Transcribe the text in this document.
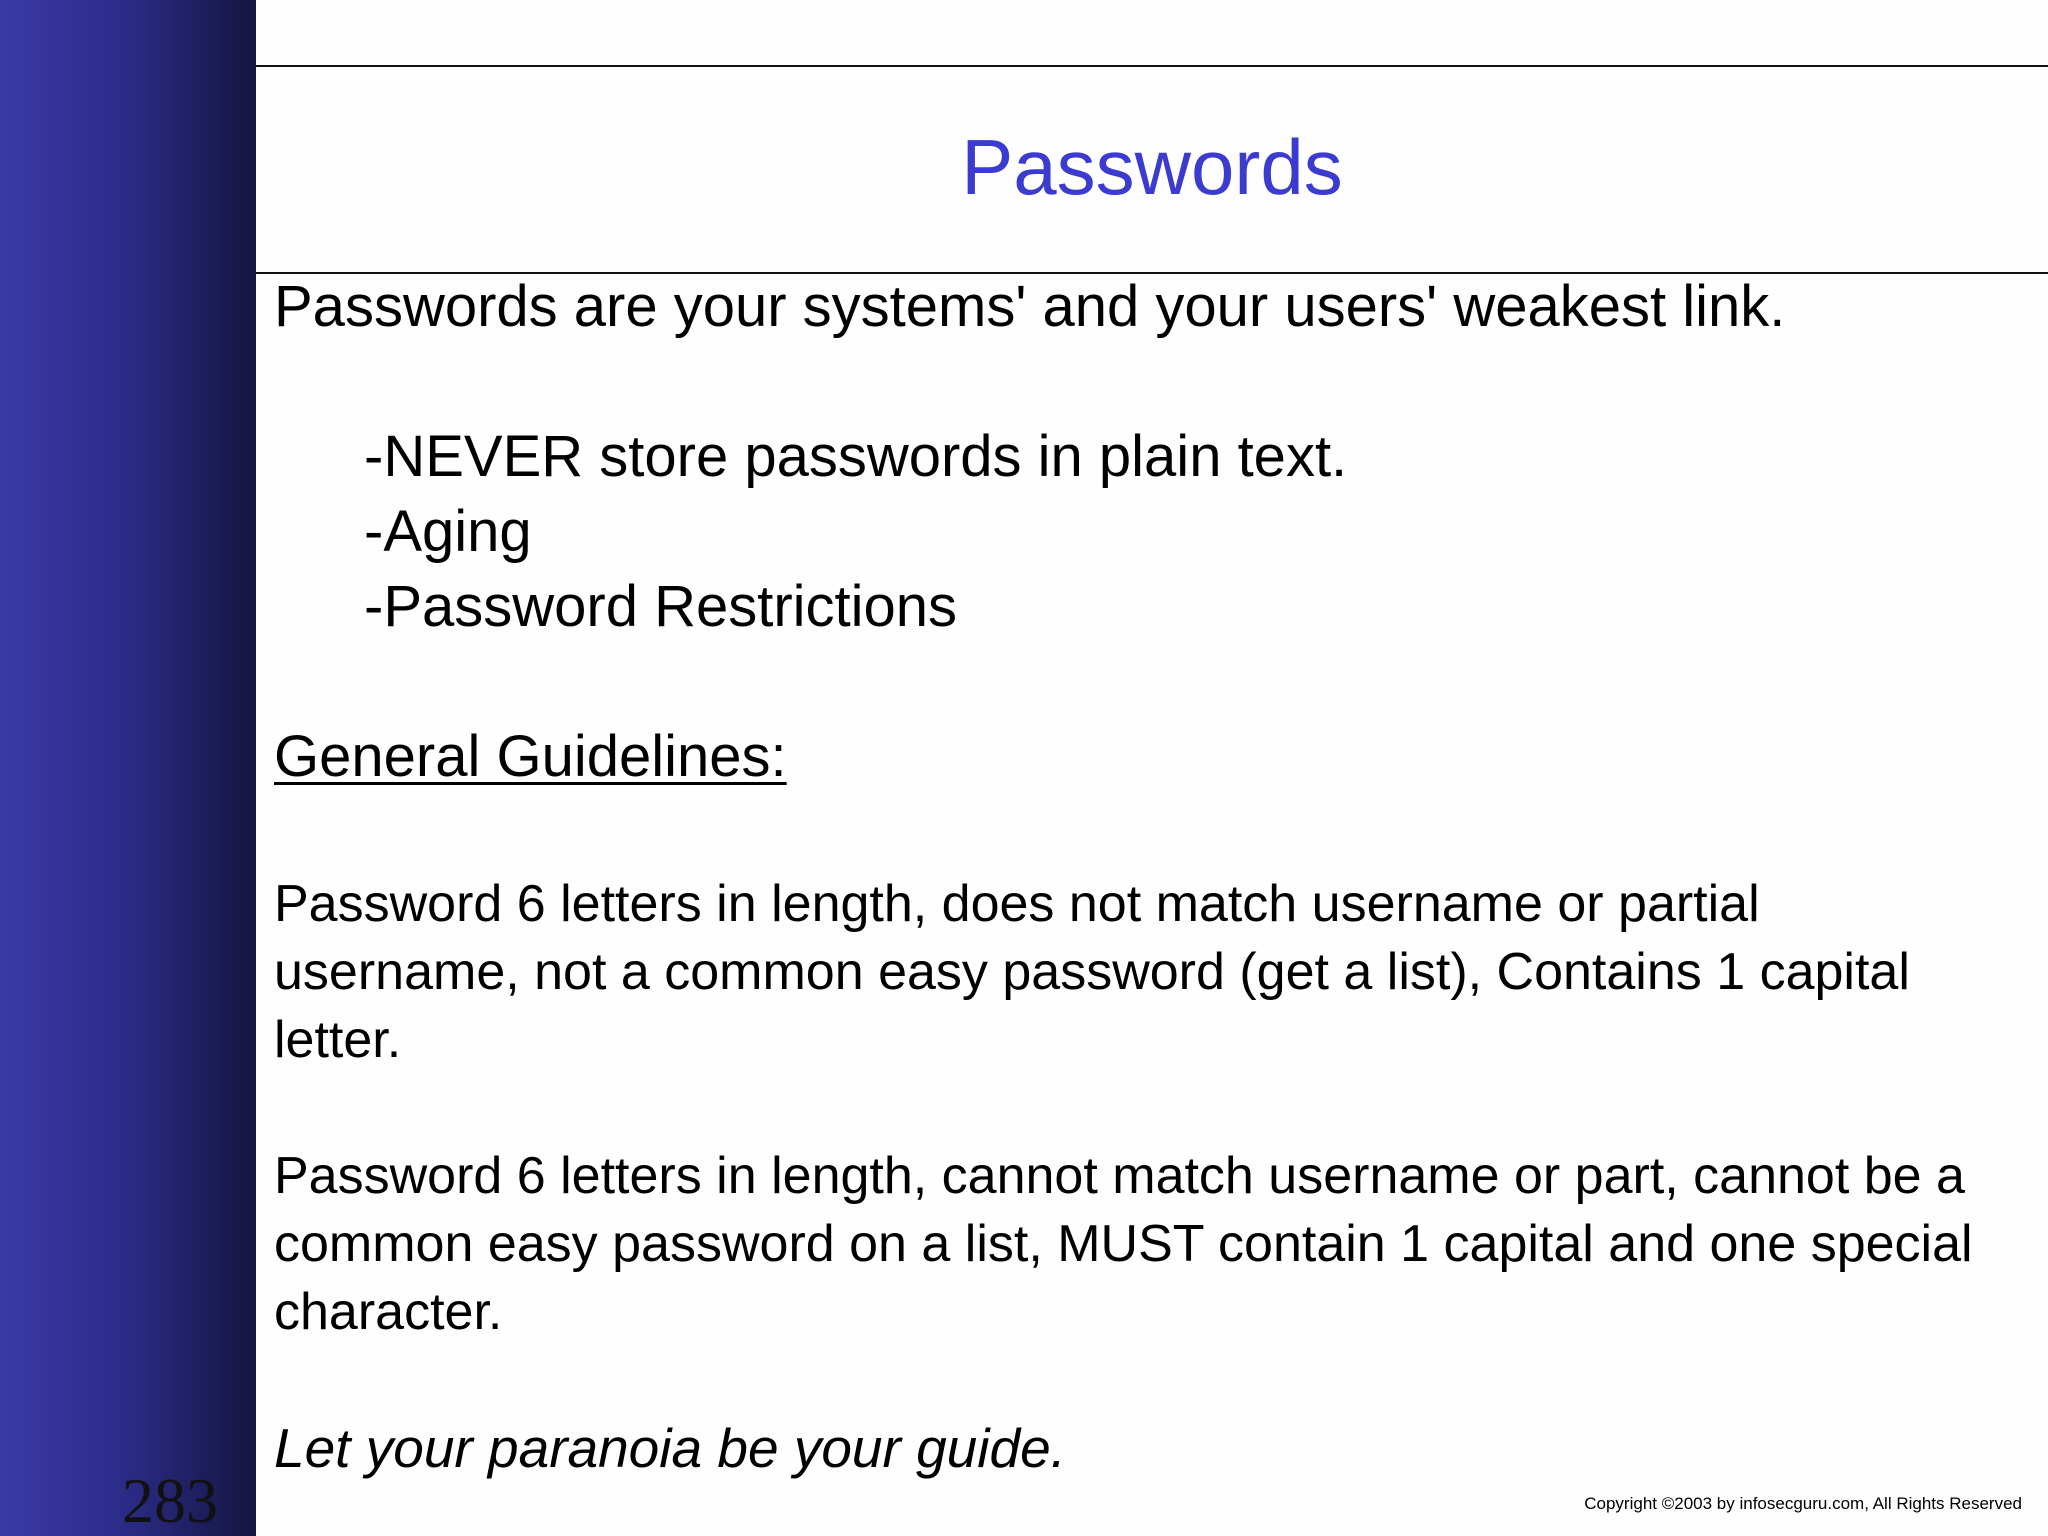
Passwords
Passwords are your systems' and your users' weakest link.
-NEVER store passwords in plain text.
-Aging
-Password Restrictions
General Guidelines:
Password 6 letters in length, does not match username or partial username, not a common easy password (get a list), Contains 1 capital letter.
Password 6 letters in length, cannot match username or part, cannot be a common easy password on a list, MUST contain 1 capital and one special character.
Let your paranoia be your guide.
283	Copyright ©2003 by infosecguru.com, All Rights Reserved
